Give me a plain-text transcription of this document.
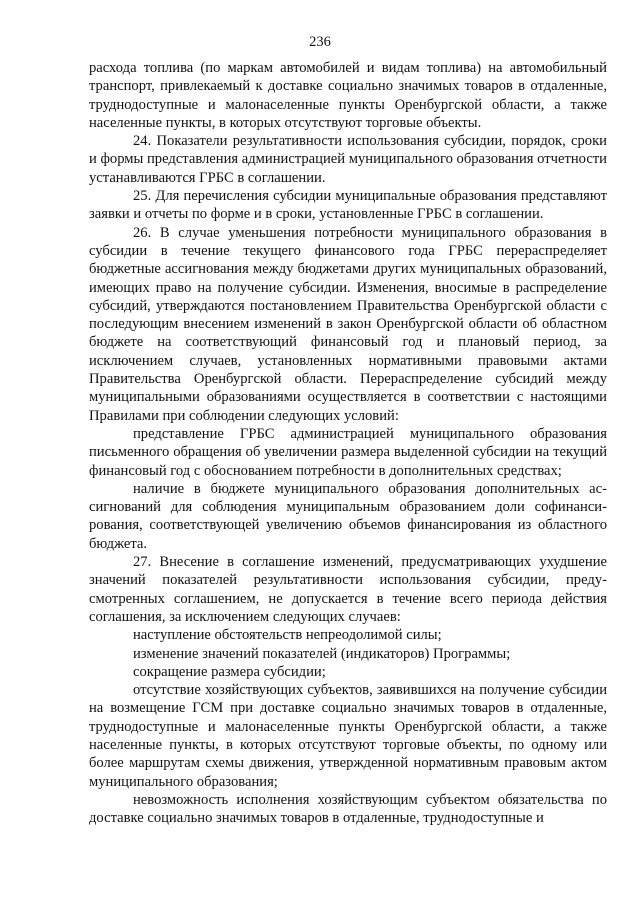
236

расхода топлива (по маркам автомобилей и видам топлива) на автомобильный транспорт, привлекаемый к доставке социально значимых товаров в отдаленные, труднодоступные и малонаселенные пункты Оренбургской области, а также населенные пункты, в которых отсутствуют торговые объекты.

24. Показатели результативности использования субсидии, порядок, сроки и формы представления администрацией муниципального образования отчетности устанавливаются ГРБС в соглашении.

25. Для перечисления субсидии муниципальные образования представляют заявки и отчеты по форме и в сроки, установленные ГРБС в соглашении.

26. В случае уменьшения потребности муниципального образования в субсидии в течение текущего финансового года ГРБС перераспределяет бюджетные ассигнования между бюджетами других муниципальных образований, имеющих право на получение субсидии. Изменения, вносимые в распределение субсидий, утверждаются постановлением Правительства Оренбургской области с последующим внесением изменений в закон Оренбургской области об областном бюджете на соответствующий финансовый год и плановый период, за исключением случаев, установленных нормативными правовыми актами Правительства Оренбургской области. Перераспределение субсидий между муниципальными образованиями осуществляется в соответствии с настоящими Правилами при соблюдении следующих условий:

представление ГРБС администрацией муниципального образования письменного обращения об увеличении размера выделенной субсидии на текущий финансовый год с обоснованием потребности в дополнительных средствах;

наличие в бюджете муниципального образования дополнительных ассигнований для соблюдения муниципальным образованием доли софинансирования, соответствующей увеличению объемов финансирования из областного бюджета.

27. Внесение в соглашение изменений, предусматривающих ухудшение значений показателей результативности использования субсидии, предусмотренных соглашением, не допускается в течение всего периода действия соглашения, за исключением следующих случаев:

наступление обстоятельств непреодолимой силы;

изменение значений показателей (индикаторов) Программы;

сокращение размера субсидии;

отсутствие хозяйствующих субъектов, заявившихся на получение субсидии на возмещение ГСМ при доставке социально значимых товаров в отдаленные, труднодоступные и малонаселенные пункты Оренбургской области, а также населенные пункты, в которых отсутствуют торговые объекты, по одному или более маршрутам схемы движения, утвержденной нормативным правовым актом муниципального образования;

невозможность исполнения хозяйствующим субъектом обязательства по доставке социально значимых товаров в отдаленные, труднодоступные и
